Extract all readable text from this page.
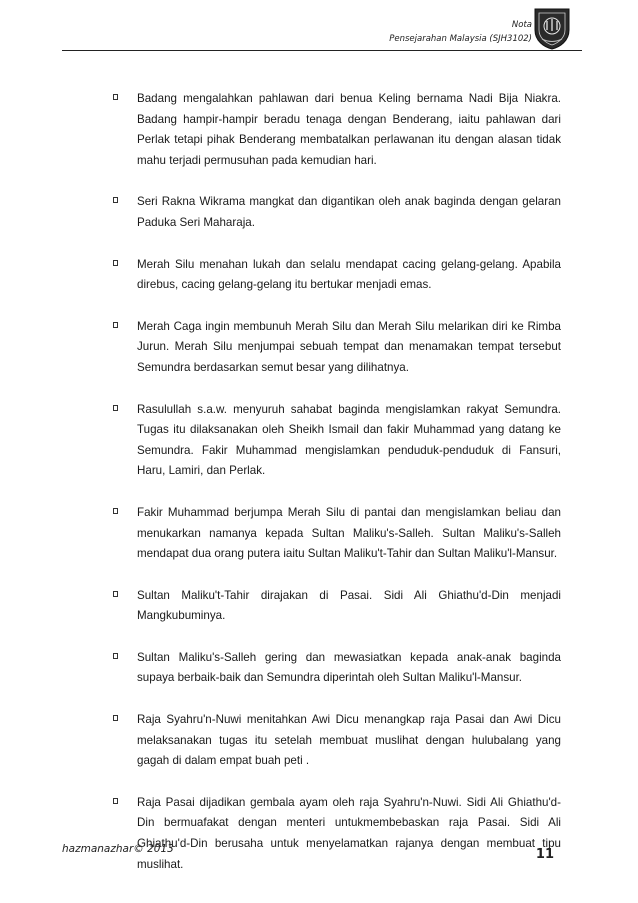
Nota
Pensejarahan Malaysia (SJH3102)
Badang mengalahkan pahlawan dari benua Keling bernama Nadi Bija Niakra. Badang hampir-hampir beradu tenaga dengan Benderang, iaitu pahlawan dari Perlak tetapi pihak Benderang membatalkan perlawanan itu dengan alasan tidak mahu terjadi permusuhan pada kemudian hari.
Seri Rakna Wikrama mangkat dan digantikan oleh anak baginda dengan gelaran Paduka Seri Maharaja.
Merah Silu menahan lukah dan selalu mendapat cacing gelang-gelang. Apabila direbus, cacing gelang-gelang itu bertukar menjadi emas.
Merah Caga ingin membunuh Merah Silu dan Merah Silu melarikan diri ke Rimba Jurun. Merah Silu menjumpai sebuah tempat dan menamakan tempat tersebut Semundra berdasarkan semut besar yang dilihatnya.
Rasulullah s.a.w. menyuruh sahabat baginda mengislamkan rakyat Semundra. Tugas itu dilaksanakan oleh Sheikh Ismail dan fakir Muhammad yang datang ke Semundra. Fakir Muhammad mengislamkan penduduk-penduduk di Fansuri, Haru, Lamiri, dan Perlak.
Fakir Muhammad berjumpa Merah Silu di pantai dan mengislamkan beliau dan menukarkan namanya kepada Sultan Maliku's-Salleh. Sultan Maliku's-Salleh mendapat dua orang putera iaitu Sultan Maliku't-Tahir dan Sultan Maliku'l-Mansur.
Sultan Maliku't-Tahir dirajakan di Pasai. Sidi Ali Ghiathu'd-Din menjadi Mangkubuminya.
Sultan Maliku's-Salleh gering dan mewasiatkan kepada anak-anak baginda supaya berbaik-baik dan Semundra diperintah oleh Sultan Maliku'l-Mansur.
Raja Syahru'n-Nuwi menitahkan Awi Dicu menangkap raja Pasai dan Awi Dicu melaksanakan tugas itu setelah membuat muslihat dengan hulubalang yang gagah di dalam empat buah peti .
Raja Pasai dijadikan gembala ayam oleh raja Syahru'n-Nuwi. Sidi Ali Ghiathu'd-Din bermuafakat dengan menteri untukmembebaskan raja Pasai. Sidi Ali Ghiathu'd-Din berusaha untuk menyelamatkan rajanya dengan membuat tipu muslihat.
hazmanazhar© 2013	11
